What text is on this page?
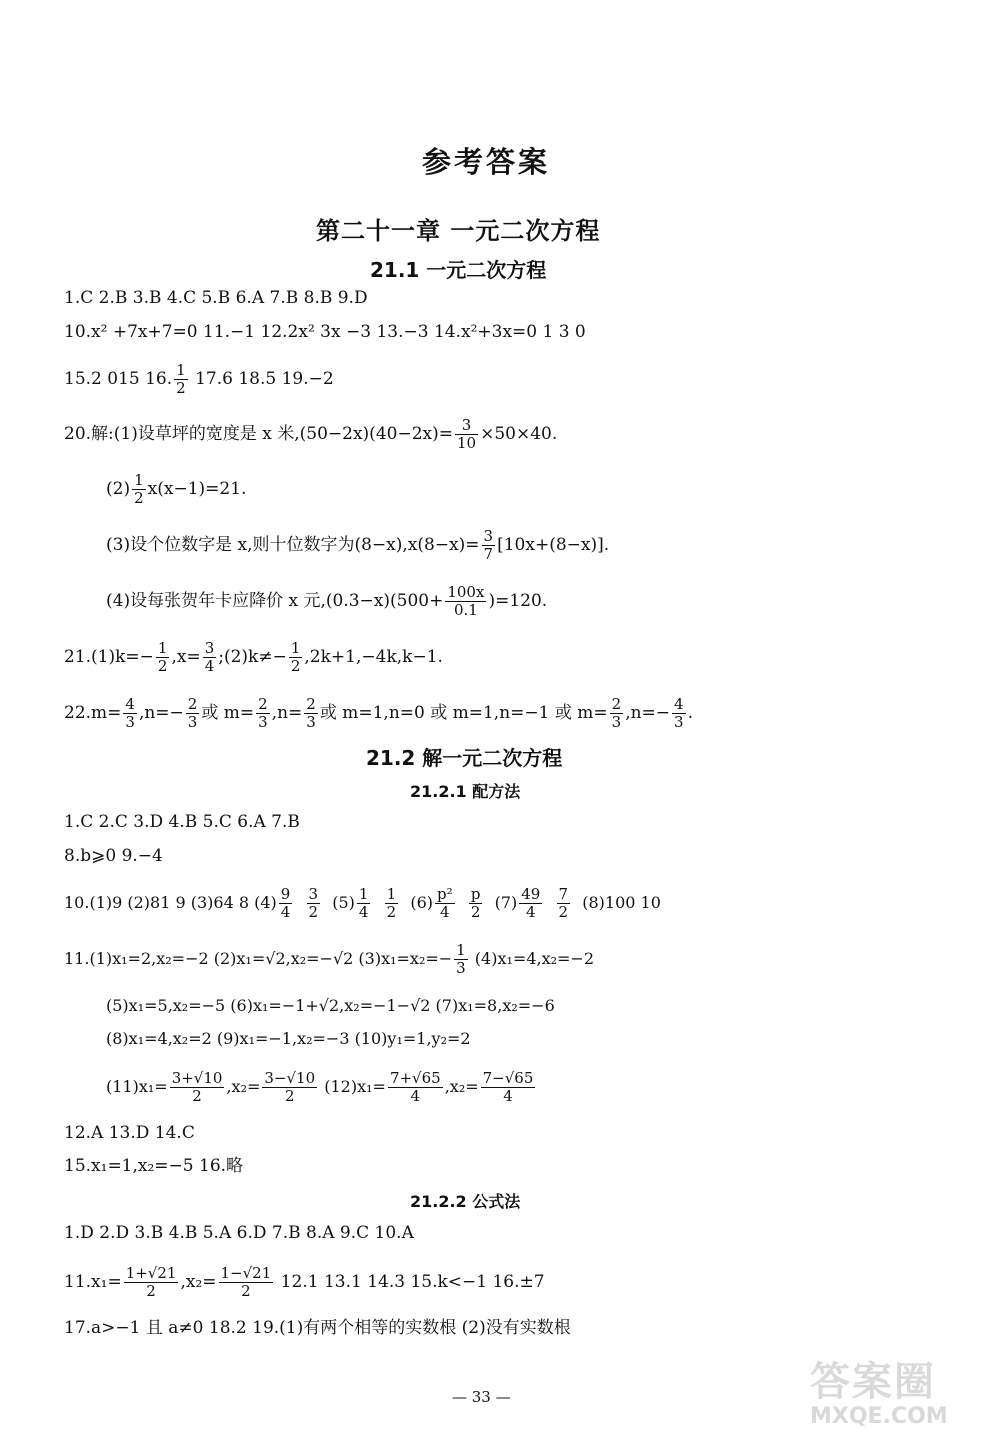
参考答案
第二十一章 一元二次方程
21.1 一元二次方程
1.C 2.B 3.B 4.C 5.B 6.A 7.B 8.B 9.D
10.x² +7x+7=0 11.−1 12.2x² 3x −3 13.−3 14.x²+3x=0 1 3 0
15.2 015 16. $\frac{1}{2} 17.6$ 18.5 19.−2
20.解:(1)设草坪的宽度是 x 米$,(50-2x)(40-2x)= \frac{3}{10} \times 50\times 40$.
$(2) \frac{1}{2} x(x-1)=21$.
(3)设个位数字是 x,则十位数字为$(8-x),x(8-x)= \frac{3}{7} [10x+(8-x)]$.
(4)设每张贺年卡应降价 x 元$,(0.3-x)(500+ \frac{100x}{0.1} )=120$.
$21.(1)k=- \frac{1}{2} ,x= \frac{3}{4}$ ;(2)k≠− $\frac{1}{2} ,2k+1,-4k,k-1$.
$22.m= \frac{4}{3} ,n=- \frac{2}{3}$ 或 $m= \frac{2}{3} ,n= \frac{2}{3}$ 或 m=1,n=0 或 m=1,n=−1 或 $m= \frac{2}{3} ,n=- \frac{4}{3}$ .
21.2 解一元二次方程
21.2.1 配方法
1.C 2.C 3.D 4.B 5.C 6.A 7.B
8.b⩾0 9.−4
10.(1)9 (2)81 9 (3)64 8 $(4) \frac{9}{4}$
$\frac{3}{2} (5) \frac{1}{4}$
$\frac{1}{2} (6) \frac{\text{p²}}{4}$
$\frac{p}{2} (7) \frac{49}{4}$
$\frac{7}{2} (8)100$ 10
11.(1)x₁=2,x₂=−2 (2)x₁=√2,x₂=−√2 $(3)x_1=x_2=- \frac{1}{3} (4)x_1=4,x_2=-2$
(5)x₁=5,x₂=−5 (6)x₁=−1+√2,x₂=−1−√2 (7)x₁=8,x₂=−6
(8)x₁=4,x₂=2 (9)x₁=−1,x₂=−3 (10)y₁=1,y₂=2
$(11)x_1= \frac{3+√10}{2} ,x_2= \frac{3-√10}{2} (12)x_1= \frac{7+√65}{4} ,x_2= \frac{7-√65}{4}$
12.A 13.D 14.C
15.x₁=1,x₂=−5 16.略
21.2.2 公式法
1.D 2.D 3.B 4.B 5.A 6.D 7.B 8.A 9.C 10.A
$11.x_1= \frac{1+√21}{2} ,x_2= \frac{1-√21}{2} 12.1$ 13.1 14.3 15.k<−1 16.±7
17.a>−1 且 a≠0 18.2 19.(1)有两个相等的实数根 (2)没有实数根
— 33 —	答案圈
MXQE.COM
